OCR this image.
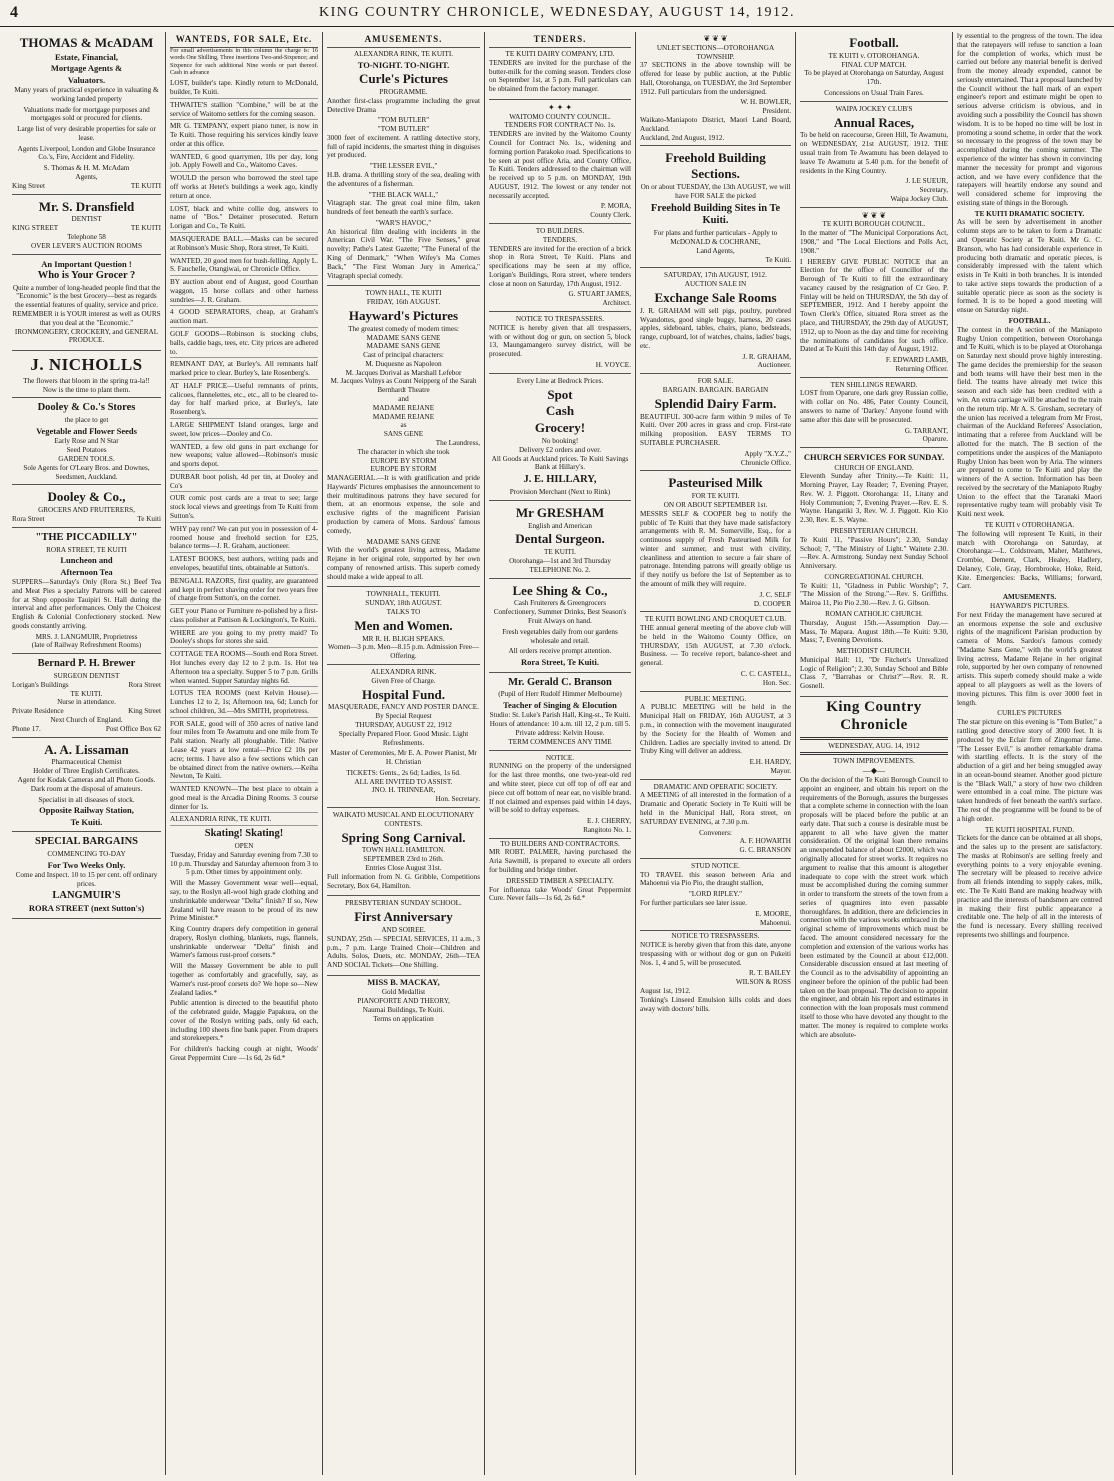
4	KING COUNTRY CHRONICLE, WEDNESDAY, AUGUST 14, 1912.
THOMAS & McADAM
Estate, Financial,
Mortgage Agents &
Valuators.

Many years of practical experience in valuating & working landed property

Valuations made for mortgage purposes and mortgages sold or procured for clients.

Large list of very desirable properties for sale or lease.

Agents Liverpool, London and Globe Insurance Co.'s, Fire, Accident and Fidelity.

S. Thomas & H. M. McAdam
Agents,
King Street	TE KUITI
Mr. S. Dransfield
DENTIST
KING STREET	TE KUITI
Telephone 58
OVER LEVER'S AUCTION ROOMS
An Important Question !
Who is Your Grocer ?

Quite a number of long-headed people find that the "Economic" is the best Grocery—best as regards the essential features of quality, service and price. REMEMBER it is YOUR interest as well as OURS that you deal at the "Economic." IRONMONGERY, CROCKERY, and GENERAL PRODUCE.

J. NICHOLLS
The flowers that bloom in the spring tra-la!!
Now is the time to plant them.
Dooley & Co.'s Stores
the place to get
Vegetable and Flower Seeds
Early Rose and N Star
Seed Potatoes
GARDEN TOOLS.
Sole Agents for O'Leary Bros. and Downes, Seedsmen, Auckland.
Dooley & Co.,
GROCERS AND FRUITERERS,
Rora Street	Te Kuiti
"THE PICCADILLY"
RORA STREET, TE KUITI
Luncheon and
Afternoon Tea

SUPPERS—Saturday's Only (Rora St.) Beef Tea and Meat Pies a specialty Patrons will be catered for at Shop opposite Tauipiri St. Hall during the interval and after performances. Only the Choicest English & Colonial Confectionery stocked. New goods constantly arriving.

MRS. J. LANGMUIR, Proprietress
(late of Railway Refreshment Rooms)
Bernard P. H. Brewer
SURGEON DENTIST
Lorigan's Buildings	Rora Street
TE KUITI.
Nurse in attendance.
Private Residence	King Street
Next Church of England.
Phone 17.	Post Office Box 62
A. A. Lissaman
Pharmaceutical Chemist
Holder of Three English Certificates.

Agent for Kodak Cameras and all Photo Goods. Dark room at the disposal of amateurs.

Specialist in all diseases of stock.
Opposite Railway Station,
Te Kuiti.
SPECIAL BARGAINS
COMMENCING TO-DAY
For Two Weeks Only.
Come and Inspect. 10 to 15 per cent. off ordinary prices.
LANGMUIR'S
RORA STREET (next Sutton's)
WANTEDS, FOR SALE, Etc.

For small advertisements in this column the charge is: 16 words One Shilling, Three insertions Two-and-Sixpence; and Sixpence for each additional Nine words or part thereof. Cash in advance

LOST, builder's tape. Kindly return to McDonald, builder, Te Kuiti.

THWAITE'S stallion "Combine," will be at the service of Waitomo settlers for the coming season.

MR G. TEMPANY, expert piano tuner, is now in Te Kuiti. Those requiring his services kindly leave order at this office.

WANTED, 6 good quarrymen, 10s per day, long job. Apply Fowell and Co., Waitomo Caves.

WOULD the person who borrowed the steel tape off works at Hetet's buildings a week ago, kindly return at once.

LOST, black and white collie dog, answers to name of "Bos." Detainer prosecuted. Return Lorigan and Co., Te Kuiti.

MASQUERADE BALL.—Masks can be secured at Robinson's Music Shop, Rora street, Te Kuiti.

WANTED, 20 good men for bush-felling. Apply L. S. Fauchelle, Otangiwai, or Chronicle Office.

BY auction about end of August, good Courthan waggon, 15 horse collars and other harness sundries—J. R. Graham.

4 GOOD SEPARATORS, cheap, at Graham's auction mart.

GOLF GOODS—Robinson is stocking clubs, balls, caddie bags, tees, etc. City prices are adhered to.

REMNANT DAY, at Burley's. All remnants half marked price to clear. Burley's, late Rosenberg's.

AT HALF PRICE—Useful remnants of prints, calicoes, flannelettes, etc., etc., all to be cleared to-day for half marked price, at Burley's, late Rosenberg's.

LARGE SHIPMENT Island oranges, large and sweet, low prices—Dooley and Co.

WANTED, a few old guns in part exchange for new weapons; value allowed—Robinson's music and sports depot.

DURBAR boot polish, 4d per tin, at Dooley and Co's

OUR comic post cards are a treat to see; large stock local views and greetings from Te Kuiti from Sutton's.

WHY pay rent? We can put you in possession of 4-roomed house and freehold section for £25, balance terms—J. R. Graham, auctioneer.

LATEST BOOKS, best authors, writing pads and envelopes, beautiful tints, obtainable at Sutton's.

BENGALL RAZORS, first quality, are guaranteed and kept in perfect shaving order for two years free of charge from Sutton's, on the corner.

GET your Piano or Furniture re-polished by a first-class polisher at Pattison & Lockington's, Te Kuiti.

WHERE are you going to my pretty maid? To Dooley's shops for stores she said.

COTTAGE TEA ROOMS—South end Rora Street. Hot lunches every day 12 to 2 p.m. 1s. Hot tea Afternoon tea a specialty. Supper 5 to 7 p.m. Grills when wanted. Supper Saturday nights 6d.

LOTUS TEA ROOMS (next Kelvin House).—Lunches 12 to 2, 1s; Afternoon tea, 6d; Lunch for school children, 3d.—Mrs SMITH, proprietress.

FOR SALE, good will of 350 acres of native land four miles from Te Awamutu and one mile from Te Pahi station. Nearly all ploughable. Title: Native Lease 42 years at low rental—Price £2 10s per acre; terms. I have also a few sections which can be obtained direct from the native owners.—Keiha Newton, Te Kuiti.

WANTED KNOWN—The best place to obtain a good meal is the Arcadia Dining Rooms. 3 course dinner for 1s.

ALEXANDRIA RINK, TE KUITI.

Skating! Skating!
OPEN

Tuesday, Friday and Saturday evening from 7.30 to 10 p.m. Thursday and Saturday afternoon from 3 to 5 p.m. Other times by appointment only.

Will the Massey Government wear well—equal, say, to the Roslyn all-wool high grade clothing and unshrinkable underwear "Delta" finish? If so, New Zealand will have reason to be proud of its new Prime Minister.*

King Country drapers defy competition in general drapery, Roslyn clothing, blankets, rugs, flannels, unshrinkable underwear "Delta" finish and Warner's famous rust-proof corsets.*

Will the Massey Government be able to pull together as comfortably and gracefully, say, as Warner's rust-proof corsets do? We hope so—New Zealand ladies.*

Public attention is directed to the beautiful photo of the celebrated guide, Maggie Papakura, on the cover of the Roslyn writing pads, only 6d each, including 100 sheets fine bank paper. From drapers and storekeepers.*

For children's hacking cough at night, Woods' Great Peppermint Cure —1s 6d, 2s 6d.*

AMUSEMENTS.
ALEXANDRA RINK, TE KUITI.
TO-NIGHT. TO-NIGHT.
Curle's Pictures
PROGRAMME.

Another first-class programme including the great Detective Drama

"TOM BUTLER"
"TOM BUTLER"

3000 feet of excitement. A rattling detective story, full of rapid incidents, the smartest thing in disguises yet produced.

"THE LESSER EVIL,"

H.B. drama. A thrilling story of the sea, dealing with the adventures of a fisherman.

"THE BLACK WALL,"

Vitagraph star. The great coal mine film, taken hundreds of feet beneath the earth's surface.

"WAR'S HAVOC,"

An historical film dealing with incidents in the American Civil War. "The Five Senses," great novelty; Pathe's Latest Gazette; "The Funeral of the King of Denmark," "When Wifey's Ma Comes Back," "The First Woman Jury in America," Vitagraph special comedy.

TOWN HALL, TE KUITI
FRIDAY, 16th AUGUST.
Hayward's Pictures
The greatest comedy of modern times:
MADAME SANS GENE
MADAME SANS GENE
Cast of principal characters:
M. Duquesne as Napoleon
M. Jacques Dorival as Marshall Lefebor
M. Jacques Volnys as Count Neipperg of the Sarah Bernhardt Theatre
and
MADAME REJANE
MADAME REJANE
as
SANS GENE
The Laundress,
The character in which she took
EUROPE BY STORM
EUROPE BY STORM

MANAGERIAL.—It is with gratification and pride Haywards' Pictures emphasises the announcement to their multitudinous patrons they have secured for them, at an enormous expense, the sole and exclusive rights of the magnificent Parisian production by camera of Mons. Sardous' famous comedy,

MADAME SANS GENE

With the world's greatest living actress, Madame Rejane in her original role, supported by her own company of renowned artists. This superb comedy should make a wide appeal to all.

TOWNHALL, TEKUITI.
SUNDAY, 18th AUGUST.
TALKS TO
Men and Women.
MR R. H. BLIGH SPEAKS.
Women—3 p.m. Men—8.15 p.m. Admission Free—Offering.
ALEXANDRA RINK.
Given Free of Charge.
Hospital Fund.
MASQUERADE, FANCY AND POSTER DANCE.
By Special Request
THURSDAY, AUGUST 22, 1912

Specially Prepared Floor. Good Music. Light Refreshments.

Master of Ceremonies, Mr E. A. Power Pianist, Mr H. Christian

TICKETS: Gents., 2s 6d; Ladies, 1s 6d.
ALL ARE INVITED TO ASSIST.
JNO. H. TRINNEAR,
Hon. Secretary.
WAIKATO MUSICAL AND ELOCUTIONARY CONTESTS.
Spring Song Carnival.
TOWN HALL HAMILTON.
SEPTEMBER 23rd to 26th.
Entries Close August 31st.

Full information from N. G. Gribble, Competitions Secretary, Box 64, Hamilton.

PRESBYTERIAN SUNDAY SCHOOL.
First Anniversary
AND SOIREE.

SUNDAY, 25th — SPECIAL SERVICES, 11 a.m., 3 p.m., 7 p.m. Large Trained Choir—Children and Adults. Solos, Duets, etc. MONDAY, 26th—TEA AND SOCIAL Tickets—One Shilling.

MISS B. MACKAY,
Gold Medallist
PIANOFORTE AND THEORY,
Naumai Buildings, Te Kuiti.
Terms on application
TENDERS.
TE KUITI DAIRY COMPANY, LTD.

TENDERS are invited for the purchase of the butter-milk for the coming season. Tenders close on September 1st, at 5 p.m. Full particulars can be obtained from the factory manager.

✦ ✦ ✦
WAITOMO COUNTY COUNCIL.
TENDERS FOR CONTRACT No. 1s.

TENDERS are invited by the Waitomo County Council for Contract No. 1s., widening and forming portion Parakoko road. Specifications to be seen at post office Aria, and County Office, Te Kuiti. Tenders addressed to the chairman will be received up to 5 p.m. on MONDAY, 19th AUGUST, 1912. The lowest or any tender not necessarily accepted.

P. MORA,
County Clerk.
TO BUILDERS.
TENDERS.

TENDERS are invited for the erection of a brick shop in Rora Street, Te Kuiti. Plans and specifications may be seen at my office, Lorigan's Buildings, Rora street, where tenders close at noon on Saturday, 17th August, 1912.

G. STUART JAMES,
Architect.
NOTICE TO TRESPASSERS.

NOTICE is hereby given that all trespassers, with or without dog or gun, on section 5, block 13, Maungamangero survey district, will be prosecuted.

H. VOYCE.
Every Line at Bedrock Prices.
Spot
Cash
Grocery!
No booking!
Delivery £2 orders and over.

All Goods at Auckland prices. Te Kuiti Savings Bank at Hillary's.

J. E. HILLARY,
Provision Merchant (Next to Rink)
Mr GRESHAM
English and American
Dental Surgeon.
TE KUITI.
Otorohanga—1st and 3rd Thursday
TELEPHONE No. 2.
Lee Shing & Co.,
Cash Fruiterers & Greengrocers

Confectionery, Summer Drinks, Best Season's Fruit Always on hand.

Fresh vegetables daily from our gardens wholesale and retail.

All orders receive prompt attention.
Rora Street, Te Kuiti.
Mr. Gerald C. Branson
(Pupil of Herr Rudolf Himmer Melbourne)
Teacher of Singing & Elocution
Studio: St. Luke's Parish Hall, King-st., Te Kuiti.
Hours of attendance: 10 a.m. till 12, 2 p.m. till 5.
Private address: Kelvin House.
TERM COMMENCES ANY TIME
NOTICE.

RUNNING on the property of the undersigned for the last three months, one two-year-old red and white steer, piece cut off top of off ear and piece cut off bottom of near ear, no visible brand. If not claimed and expenses paid within 14 days, will be sold to defray expenses.

E. J. CHERRY,
Rangitoto No. 1.
TO BUILDERS AND CONTRACTORS.

MR ROBT. PALMER, having purchased the Aria Sawmill, is prepared to execute all orders for building and bridge timber.

DRESSED TIMBER A SPECIALTY.

For influenza take Woods' Great Peppermint Cure. Never fails—1s 6d, 2s 6d.*

❦ ❦ ❦
UNLET SECTIONS—OTOROHANGA TOWNSHIP.

37 SECTIONS in the above township will be offered for lease by public auction, at the Public Hall, Otorohanga, on TUESDAY, the 3rd September 1912. Full particulars from the undersigned.

W. H. BOWLER,
President.
Waikato-Maniapoto District, Maori Land Board, Auckland.
Auckland, 2nd August, 1912.
Freehold Building Sections.

On or about TUESDAY, the 13th AUGUST, we will have FOR SALE the picked

Freehold Building Sites in Te Kuiti.
For plans and further particulars - Apply to
McDONALD & COCHRANE,
Land Agents,
Te Kuiti.
SATURDAY, 17th AUGUST, 1912.
AUCTION SALE IN
Exchange Sale Rooms

J. R. GRAHAM will sell pigs, poultry, purebred Wyandottes, good single buggy, harness, 20 cases apples, sideboard, tables, chairs, piano, bedsteads, range, cupboard, lot of watches, chains, ladies' bags, etc.

J. R. GRAHAM,
Auctioneer.
FOR SALE.
BARGAIN. BARGAIN. BARGAIN
Splendid Dairy Farm.

BEAUTIFUL 300-acre farm within 9 miles of Te Kuiti. Over 200 acres in grass and crop. First-rate milking proposition. EASY TERMS TO SUITABLE PURCHASER.

Apply "X.Y.Z.,"
Chronicle Office.
Pasteurised Milk
FOR TE KUITI.
ON OR ABOUT SEPTEMBER 1st.

MESSRS SELF & COOPER beg to notify the public of Te Kuiti that they have made satisfactory arrangements with R. M. Somerville, Esq., for a continuous supply of Fresh Pasteurised Milk for winter and summer, and trust with civility, cleanliness and attention to secure a fair share of patronage. Intending patrons will greatly oblige us if they notify us before the 1st of September as to the amount of milk they will require.

J. C. SELF
D. COOPER
TE KUITI BOWLING AND CROQUET CLUB.

THE annual general meeting of the above club will be held in the Waitomo County Office, on THURSDAY, 15th AUGUST, at 7.30 o'clock. Business. — To receive report, balance-sheet and general.

C. C. CASTELL,
Hon. Sec.
PUBLIC MEETING.

A PUBLIC MEETING will be held in the Municipal Hall on FRIDAY, 16th AUGUST, at 3 p.m., in connection with the movement inaugurated by the Society for the Health of Women and Children. Ladies are specially invited to attend. Dr Truby King will deliver an address.

E.H. HARDY,
Mayor.
DRAMATIC AND OPERATIC SOCIETY.

A MEETING of all interested in the formation of a Dramatic and Operatic Society in Te Kuiti will be held in the Municipal Hall, Rora street, on SATURDAY EVENING, at 7.30 p.m.

Conveners:
A. F. HOWARTH
G. C. BRANSON
STUD NOTICE.

TO TRAVEL this season between Aria and Mahoenui via Pio Pio, the draught stallion,

"LORD RIPLEY."

For further particulars see later issue.

E. MOORE,
Mahoenui.
NOTICE TO TRESPASSERS.

NOTICE is hereby given that from this date, anyone trespassing with or without dog or gun on Pukeiti Nos. 1, 4 and 5, will be prosecuted.

R. T. BAILEY
WILSON & ROSS
August 1st, 1912.

Tonking's Linseed Emulsion kills colds and does away with doctors' bills.

Football.
TE KUITI v. OTOROHANGA.
FINAL CUP MATCH.

To be played at Otorohanga on Saturday, August 17th.

Concessions on Usual Train Fares.
WAIPA JOCKEY CLUB'S
Annual Races,

To be held on racecourse, Green Hill, Te Awamutu, on WEDNESDAY, 21st AUGUST, 1912. THE usual train from Te Awamutu has been delayed to leave Te Awamutu at 5.40 p.m. for the benefit of residents in the King Country.

J. LE SUEUR,
Secretary,
Waipa Jockey Club.
❦ ❦ ❦
TE KUITI BOROUGH COUNCIL.

In the matter of "The Municipal Corporations Act, 1908," and "The Local Elections and Polls Act, 1908."

I HEREBY GIVE PUBLIC NOTICE that an Election for the office of Councillor of the Borough of Te Kuiti to fill the extraordinary vacancy caused by the resignation of Cr Geo. P. Finlay will be held on THURSDAY, the 5th day of SEPTEMBER, 1912. And I hereby appoint the Town Clerk's Office, situated Rora street as the place, and THURSDAY, the 29th day of AUGUST, 1912, up to Noon as the day and time for receiving the nominations of candidates for such office. Dated at Te Kuiti this 14th day of August, 1912.

F. EDWARD LAMB,
Returning Officer.
TEN SHILLINGS REWARD.

LOST from Oparure, one dark grey Russian collie, with collar on No. 486, Pater County Council, answers to name of 'Darkey.' Anyone found with same after this date will be prosecuted.

G. TARRANT,
Oparure.
CHURCH SERVICES FOR SUNDAY.
CHURCH OF ENGLAND.

Eleventh Sunday after Trinity.—Te Kuiti: 11, Morning Prayer, Lay Reader; 7, Evening Prayer, Rev. W. J. Piggott. Otorohanga: 11, Litany and Holy Communion; 7, Evening Prayer.—Rev. E. S. Wayne. Hangatiki 3, Rev. W. J. Piggott. Kio Kio 2.30, Rev. E. S. Wayne.

PRESBYTERIAN CHURCH.

Te Kuiti 11, "Passive Hours"; 2.30, Sunday School; 7, "The Ministry of Light." Waitete 2.30.—Rev. A. Armstrong. Sunday next Sunday School Anniversary.

CONGREGATIONAL CHURCH.

Te Kuiti: 11, "Gladness in Public Worship"; 7, "The Mission of the Strong."—Rev. S. Griffiths. Mairoa 11, Pio Pio 2.30.—Rev. J. G. Gibson.

ROMAN CATHOLIC CHURCH.

Thursday, August 15th.—Assumption Day.—Mass, Te Mapara. August 18th.—Te Kuiti: 9.30, Mass; 7, Evening Devotions.

METHODIST CHURCH.

Municipal Hall: 11, "Dr Fitchett's Unrealized Logic of Religion"; 2.30, Sunday School and Bible Class 7, "Barrabas or Christ?"—Rev. R. R. Gosnell.

King Country Chronicle
WEDNESDAY, AUG. 14, 1912
TOWN IMPROVEMENTS.
—◆—

On the decision of the Te Kuiti Borough Council to appoint an engineer, and obtain his report on the requirements of the Borough, assures the burgesses that a complete scheme in connection with the loan proposals will be placed before the public at an early date. That such a course is desirable must be apparent to all who have given the matter consideration. Of the original loan there remains an unexpended balance of about £2000, which was originally allocated for street works. It requires no argument to realise that this amount is altogether inadequate to cope with the street work which must be accomplished during the coming summer in order to transform the streets of the town from a series of quagmires into even passable thoroughfares. In addition, there are deficiencies in connection with the various works embraced in the original scheme of improvements which must be faced. The amount considered necessary for the completion and extension of the various works has been estimated by the Council at about £12,000. Considerable discussion ensued at last meeting of the Council as to the advisability of appointing an engineer before the opinion of the public had been taken on the loan proposal. The decision to appoint the engineer, and obtain his report and estimates in connection with the loan proposals must commend itself to those who have devoted any thought to the matter. The money is required to complete works which are absolute-

ly essential to the progress of the town. The idea that the ratepayers will refuse to sanction a loan for the completion of works, which must be carried out before any material benefit is derived from the money already expended, cannot be seriously entertained. That a proposal launched by the Council without the hall mark of an expert engineer's report and estimate might be open to serious adverse criticism is obvious, and in avoiding such a possibility the Council has shown wisdom. It is to be hoped no time will be lost in promoting a sound scheme, in order that the work so necessary to the progress of the town may be accomplished during the coming summer. The experience of the winter has shown in convincing manner the necessity for prompt and vigorous action, and we have every confidence that the ratepayers will heartily endorse any sound and well considered scheme for improving the existing state of things in the Borough.

TE KUITI DRAMATIC SOCIETY.

As will be seen by advertisement in another column steps are to be taken to form a Dramatic and Operatic Society at Te Kuiti. Mr G. C. Branson, who has had considerable experience in producing both dramatic and operatic pieces, is considerably impressed with the talent which exists in Te Kuiti in both branches. It is intended to take active steps towards the production of a suitable operatic piece as soon as the society is formed. It is to be hoped a good meeting will ensue on Saturday night.

FOOTBALL.

The contest in the A section of the Maniapoto Rugby Union competition, between Otorohanga and Te Kuiti, which is to be played at Otorohanga on Saturday next should prove highly interesting. The game decides the premiership for the season and both teams will have their best men in the field. The teams have already met twice this season and each side has been credited with a win. An extra carriage will be attached to the train on the return trip. Mr A. S. Gresham, secretary of the union has received a telegram from Mr Frost, chairman of the Auckland Referees' Association, intimating that a referee from Auckland will be allotted for the match. The B section of the competitions under the auspices of the Maniapoto Rugby Union has been won by Aria. The winners are prepared to come to Te Kuiti and play the winners of the A section. Information has been received by the secretary of the Maniapoto Rugby Union to the effect that the Taranaki Maori representative rugby team will probably visit Te Kuiti next week.

TE KUITI v OTOROHANGA.

The following will represent Te Kuiti, in their match with Otorohanga on Saturday, at Otorohanga:—L. Coldstream, Maher, Matthews, Crombie, Dement, Clark, Healey, Hadlery, Delaney, Cole, Gray, Hornbrooke, Hoke, Reid, Kite. Emergencies: Backs, Williams; forward, Carr.

AMUSEMENTS.
HAYWARD'S PICTURES.

For next Friday the management have secured at an enormous expense the sole and exclusive rights of the magnificent Parisian production by camera of Mons. Sardou's famous comedy "Madame Sans Gene," with the world's greatest living actress, Madame Rejane in her original role, supported by her own company of renowned artists. This superb comedy should make a wide appeal to all playgoers as well as the lovers of moving pictures. This film is over 3000 feet in length.

CURLE'S PICTURES

The star picture on this evening is "Tom Butler," a rattling good detective story of 3000 feet. It is produced by the Eclair firm of Zingomar fame. "The Lesser Evil," is another remarkable drama with startling effects. It is the story of the abduction of a girl and her being smuggled away in an ocean-bound steamer. Another good picture is the "Black Wall," a story of how two children were entombed in a coal mine. The picture was taken hundreds of feet beneath the earth's surface. The rest of the programme will be found to be of a high order.

TE KUITI HOSPITAL FUND.

Tickets for the dance can be obtained at all shops, and the sales up to the present are satisfactory. The masks at Robinson's are selling freely and everything points to a very enjoyable evening. The secretary will be pleased to receive advice from all friends intending to supply cakes, milk, etc. The Te Kuiti Band are making headway with practice and the interests of bandsmen are centred in making their first public appearance a creditable one. The help of all in the interests of the fund is necessary. Every shilling received represents two shillings and fourpence.
